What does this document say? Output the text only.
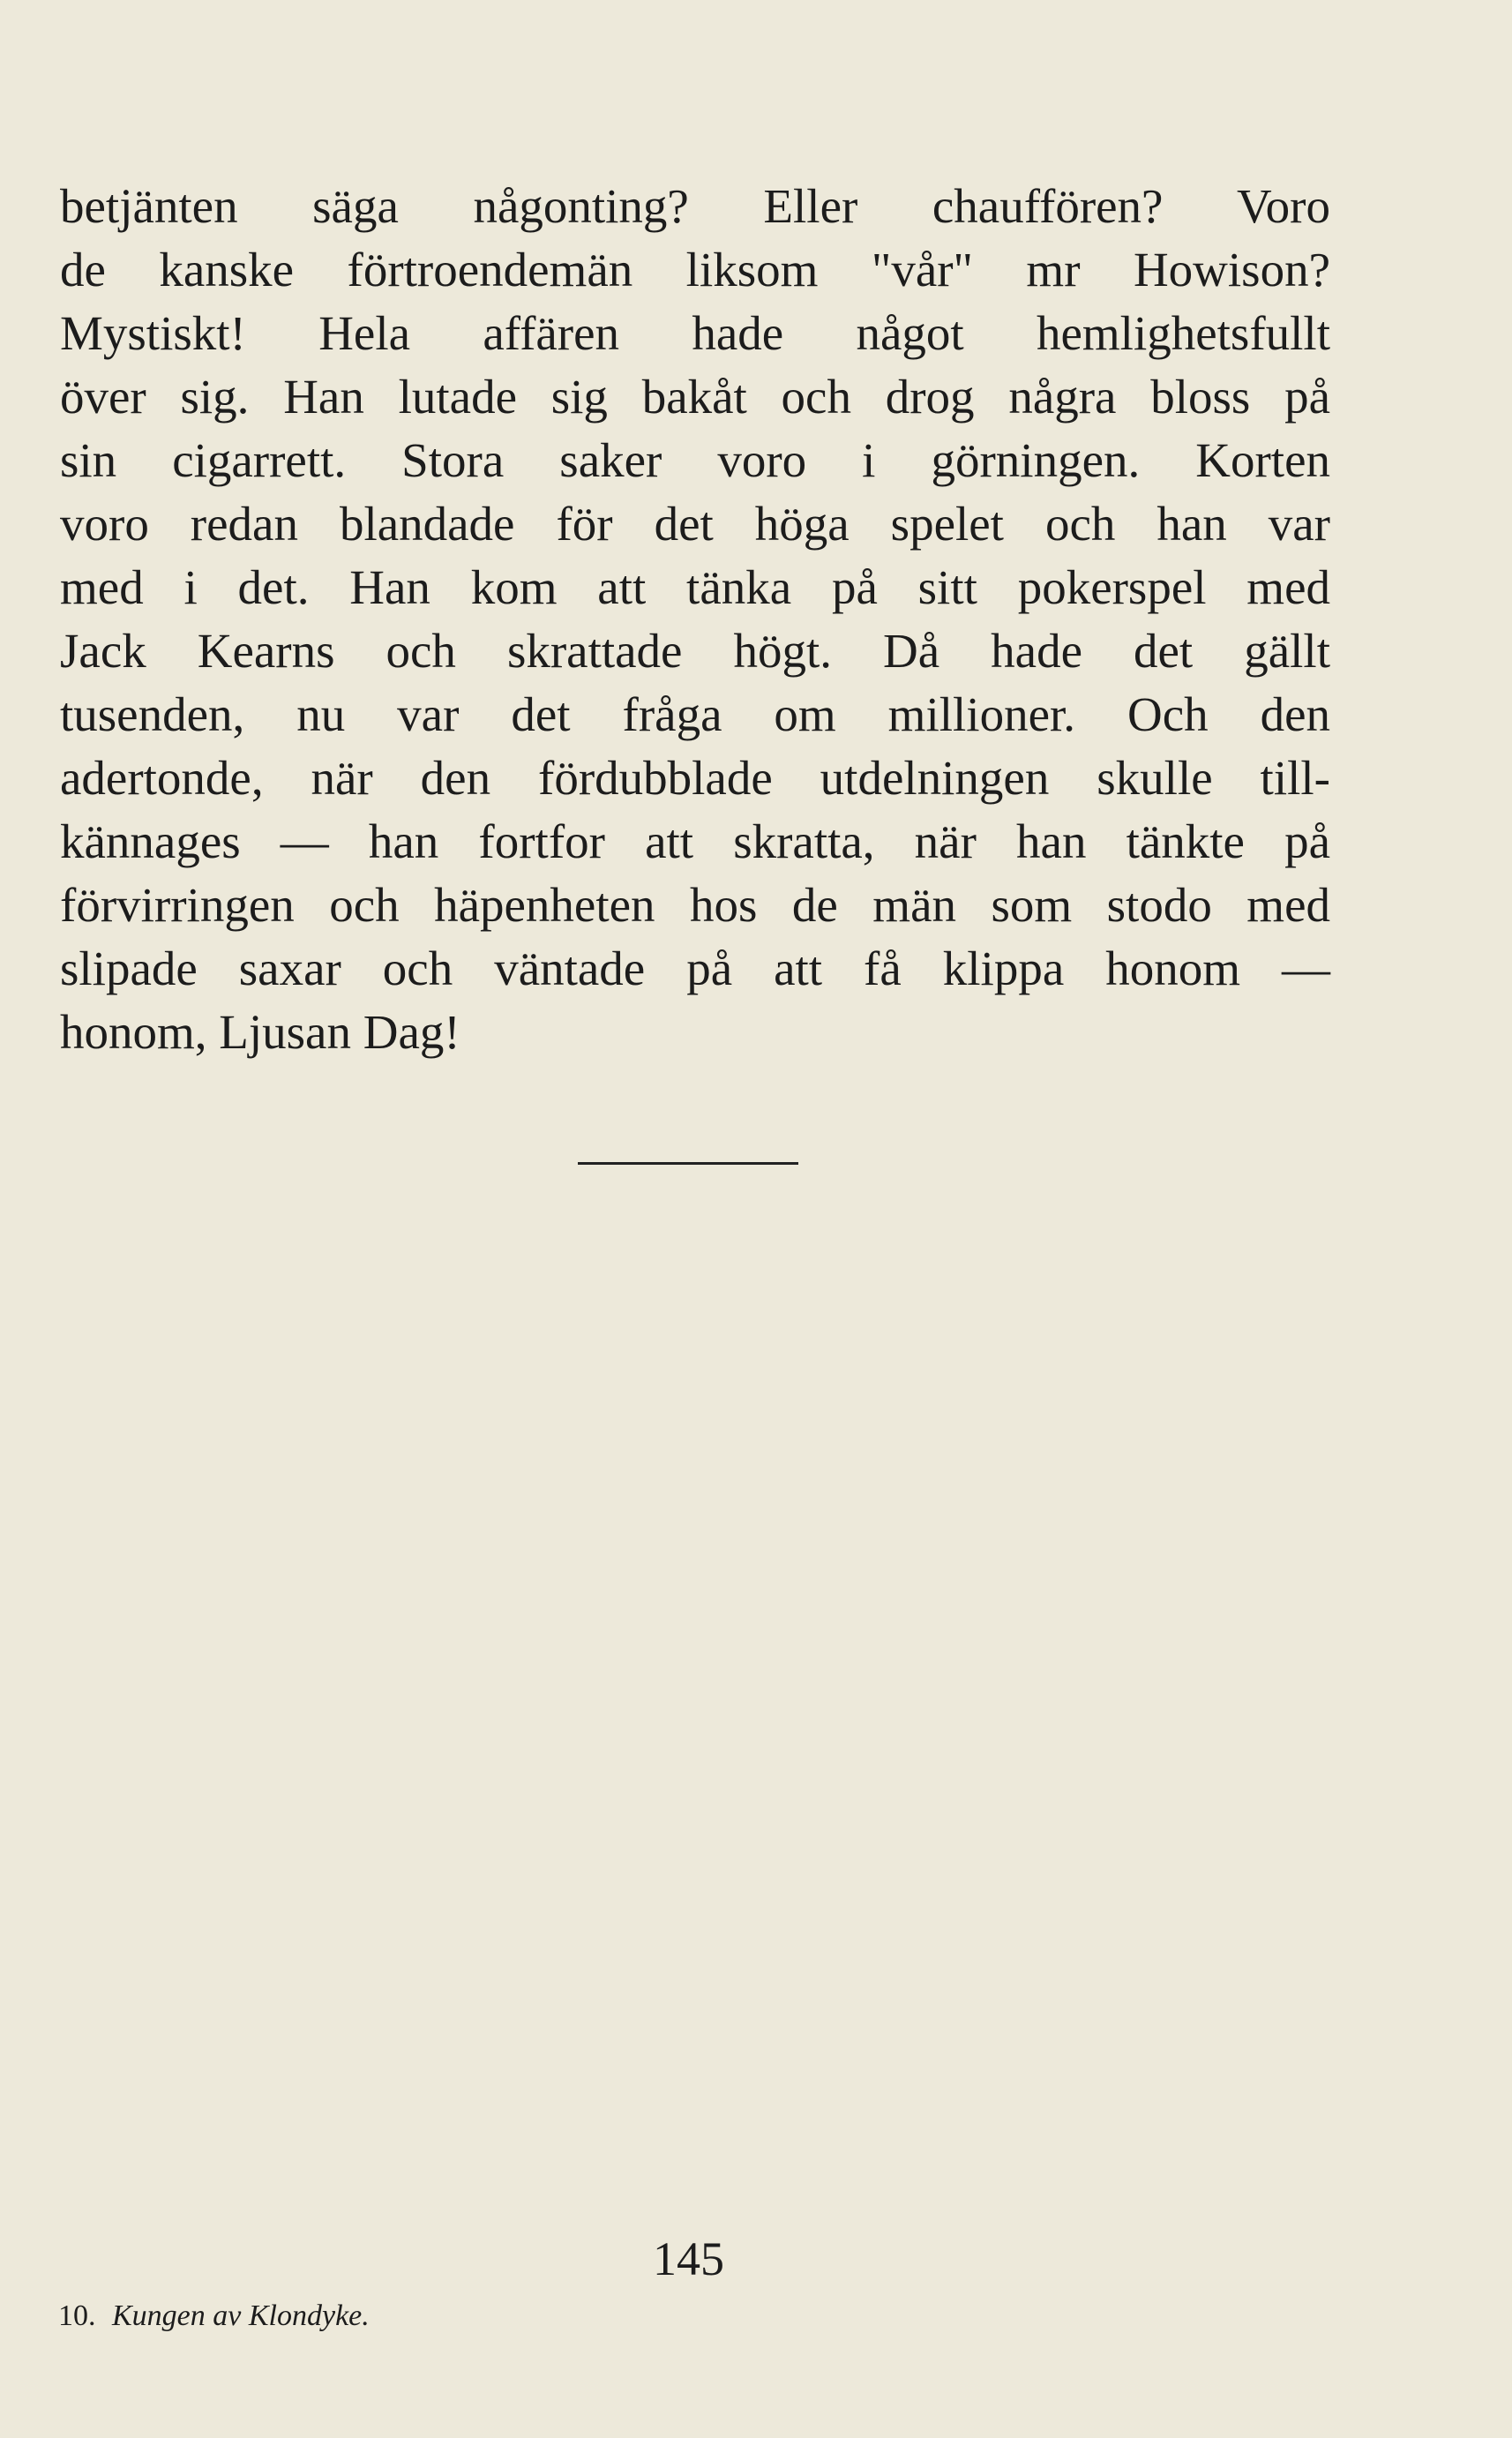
betjänten säga någonting? Eller chauffören? Voro
de kanske förtroendemän liksom "vår" mr Howison?
Mystiskt! Hela affären hade något hemlighetsfullt
över sig. Han lutade sig bakåt och drog några bloss på
sin cigarrett. Stora saker voro i görningen. Korten
voro redan blandade för det höga spelet och han var
med i det. Han kom att tänka på sitt pokerspel med
Jack Kearns och skrattade högt. Då hade det gällt
tusenden, nu var det fråga om millioner. Och den
adertonde, när den fördubblade utdelningen skulle till-
kännages — han fortfor att skratta, när han tänkte på
förvirringen och häpenheten hos de män som stodo med
slipade saxar och väntade på att få klippa honom —
honom, Ljusan Dag!
145
10. Kungen av Klondyke.
